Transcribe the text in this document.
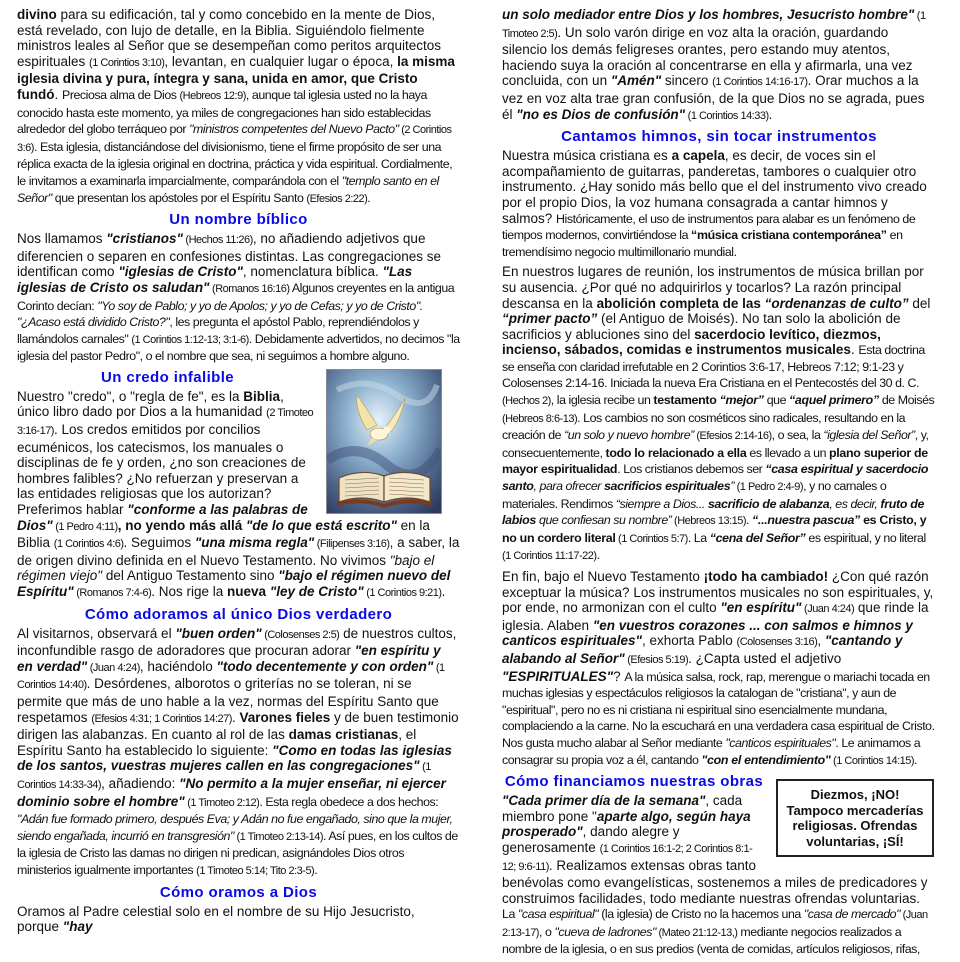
divino para su edificación, tal y como concebido en la mente de Dios, está revelado, con lujo de detalle, en la Biblia. Siguiéndolo fielmente ministros leales al Señor que se desempeñan como peritos arquitectos espirituales (1 Corintios 3:10), levantan, en cualquier lugar o época, la misma iglesia divina y pura, íntegra y sana, unida en amor, que Cristo fundó. Preciosa alma de Dios (Hebreos 12:9), aunque tal iglesia usted no la haya conocido hasta este momento, ya miles de congregaciones han sido establecidas alrededor del globo terráqueo por "ministros competentes del Nuevo Pacto" (2 Corintios 3:6). Esta iglesia, distanciándose del divisionismo, tiene el firme propósito de ser una réplica exacta de la iglesia original en doctrina, práctica y vida espiritual. Cordialmente, le invitamos a examinarla imparcialmente, comparándola con el "templo santo en el Señor" que presentan los apóstoles por el Espíritu Santo (Efesios 2:22).

Un nombre bíblico

Nos llamamos "cristianos" (Hechos 11:26), no añadiendo adjetivos que diferencien o separen en confesiones distintas. Las congregaciones se identifican como "iglesias de Cristo", nomenclatura bíblica. "Las iglesias de Cristo os saludan" (Romanos 16:16) Algunos creyentes en la antigua Corinto decían: "Yo soy de Pablo; y yo de Apolos; y yo de Cefas; y yo de Cristo". "¿Acaso está dividido Cristo?", les pregunta el apóstol Pablo, reprendiéndolos y llamándolos carnales" (1 Corintios 1:12-13; 3:1-6). Debidamente advertidos, no decimos "la iglesia del pastor Pedro", o el nombre que sea, ni seguimos a hombre alguno.

Un credo infalible

Nuestro "credo", o "regla de fe", es la Biblia, único libro dado por Dios a la humanidad (2 Timoteo 3:16-17). Los credos emitidos por concilios ecuménicos, los catecismos, los manuales o disciplinas de fe y orden, ¿no son creaciones de hombres falibles? ¿No refuerzan y preservan a las entidades religiosas que los autorizan? Preferimos hablar "conforme a las palabras de Dios" (1 Pedro 4:11), no yendo más allá "de lo que está escrito" en la Biblia (1 Corintios 4:6). Seguimos "una misma regla" (Filipenses 3:16), a saber, la de origen divino definida en el Nuevo Testamento. No vivimos "bajo el régimen viejo" del Antiguo Testamento sino "bajo el régimen nuevo del Espíritu" (Romanos 7:4-6). Nos rige la nueva "ley de Cristo" (1 Corintios 9:21).

Cómo adoramos al único Dios verdadero

Al visitarnos, observará el "buen orden" (Colosenses 2:5) de nuestros cultos, inconfundible rasgo de adoradores que procuran adorar "en espíritu y en verdad" (Juan 4:24), haciéndolo "todo decentemente y con orden" (1 Corintios 14:40). Desórdenes, alborotos o griterías no se toleran, ni se permite que más de uno hable a la vez, normas del Espíritu Santo que respetamos (Efesios 4:31; 1 Corintios 14:27). Varones fieles y de buen testimonio dirigen las alabanzas. En cuanto al rol de las damas cristianas, el Espíritu Santo ha establecido lo siguiente: "Como en todas las iglesias de los santos, vuestras mujeres callen en las congregaciones" (1 Corintios 14:33-34), añadiendo: "No permito a la mujer enseñar, ni ejercer dominio sobre el hombre" (1 Timoteo 2:12). Esta regla obedece a dos hechos: "Adán fue formado primero, después Eva; y Adán no fue engañado, sino que la mujer, siendo engañada, incurrió en transgresión" (1 Timoteo 2:13-14). Así pues, en los cultos de la iglesia de Cristo las damas no dirigen ni predican, asignándoles Dios otros ministerios igualmente importantes (1 Timoteo 5:14; Tito 2:3-5).

Cómo oramos a Dios

Oramos al Padre celestial solo en el nombre de su Hijo Jesucristo, porque "hay

un solo mediador entre Dios y los hombres, Jesucristo hombre" (1 Timoteo 2:5). Un solo varón dirige en voz alta la oración, guardando silencio los demás feligreses orantes, pero estando muy atentos, haciendo suya la oración al concentrarse en ella y afirmarla, una vez concluida, con un "Amén" sincero (1 Corintios 14:16-17). Orar muchos a la vez en voz alta trae gran confusión, de la que Dios no se agrada, pues él "no es Dios de confusión" (1 Corintios 14:33).

Cantamos himnos, sin tocar instrumentos

Nuestra música cristiana es a capela, es decir, de voces sin el acompañamiento de guitarras, panderetas, tambores o cualquier otro instrumento. ¿Hay sonido más bello que el del instrumento vivo creado por el propio Dios, la voz humana consagrada a cantar himnos y salmos? Históricamente, el uso de instrumentos para alabar es un fenómeno de tiempos modernos, convirtiéndose la “música cristiana contemporánea” en tremendísimo negocio multimillonario mundial.

En nuestros lugares de reunión, los instrumentos de música brillan por su ausencia. ¿Por qué no adquirirlos y tocarlos? La razón principal descansa en la abolición completa de las “ordenanzas de culto” del “primer pacto” (el Antiguo de Moisés). No tan solo la abolición de sacrificios y abluciones sino del sacerdocio levítico, diezmos, incienso, sábados, comidas e instrumentos musicales. Esta doctrina se enseña con claridad irrefutable en 2 Corintios 3:6-17, Hebreos 7:12; 9:1-23 y Colosenses 2:14-16. Iniciada la nueva Era Cristiana en el Pentecostés del 30 d. C. (Hechos 2), la iglesia recibe un testamento “mejor” que “aquel primero” de Moisés (Hebreos 8:6-13). Los cambios no son cosméticos sino radicales, resultando en la creación de “un solo y nuevo hombre” (Efesios 2:14-16), o sea, la “iglesia del Señor”, y, consecuentemente, todo lo relacionado a ella es llevado a un plano superior de mayor espiritualidad. Los cristianos debemos ser “casa espiritual y sacerdocio santo, para ofrecer sacrificios espirituales” (1 Pedro 2:4-9), y no carnales o materiales. Rendimos “siempre a Dios... sacrificio de alabanza, es decir, fruto de labios que confiesan su nombre” (Hebreos 13:15). “...nuestra pascua” es Cristo, y no un cordero literal (1 Corintios 5:7). La “cena del Señor” es espiritual, y no literal (1 Corintios 11:17-22).

En fin, bajo el Nuevo Testamento ¡todo ha cambiado! ¿Con qué razón exceptuar la música? Los instrumentos musicales no son espirituales, y, por ende, no armonizan con el culto "en espíritu" (Juan 4:24) que rinde la iglesia. Alaben "en vuestros corazones ... con salmos e himnos y canticos espirituales", exhorta Pablo (Colosenses 3:16), "cantando y alabando al Señor" (Efesios 5:19). ¿Capta usted el adjetivo "ESPIRITUALES"? A la música salsa, rock, rap, merengue o mariachi tocada en muchas iglesias y espectáculos religiosos la catalogan de "cristiana", y aun de "espiritual", pero no es ni cristiana ni espiritual sino esencialmente mundana, complaciendo a la carne. No la escuchará en una verdadera casa espiritual de Cristo. Nos gusta mucho alabar al Señor mediante "canticos espirituales". Le animamos a consagrar su propia voz a él, cantando "con el entendimiento" (1 Corintios 14:15).

Diezmos, ¡NO!
Tampoco mercaderías
religiosas. Ofrendas
voluntarias, ¡SÍ!
Cómo financiamos nuestras obras

"Cada primer día de la semana", cada miembro pone "aparte algo, según haya prosperado", dando alegre y generosamente (1 Corintios 16:1-2; 2 Corintios 8:1-12; 9:6-11). Realizamos extensas obras tanto benévolas como evangelísticas, sostenemos a miles de predicadores y construimos facilidades, todo mediante nuestras ofrendas voluntarias. La "casa espiritual" (la iglesia) de Cristo no la hacemos una "casa de mercado" (Juan 2:13-17), o "cueva de ladrones" (Mateo 21:12-13,) mediante negocios realizados a nombre de la iglesia, o en sus predios (venta de comidas, artículos religiosos, rifas,
